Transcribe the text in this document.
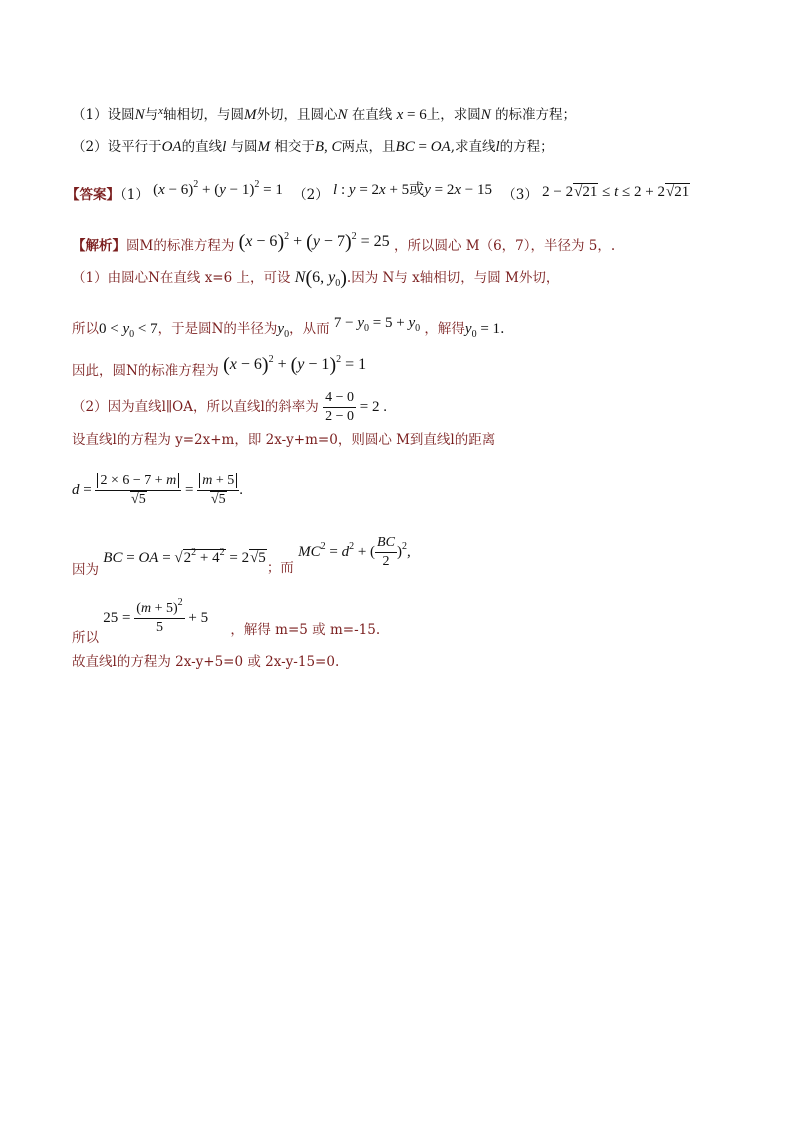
（1）设圆N与$^x$轴相切，与圆M外切，且圆心N 在直线 x = 6上，求圆N 的标准方程；
（2）设平行于OA的直线l 与圆M 相交于B, C两点，且BC = OA,求直线l的方程；
【答案】（1） $(x - 6)^2 + (y - 1)^2 = 1$ （2） l : y = 2x + 5或y = 2x − 15 （3） 2 − 2√21 ≤ t ≤ 2 + 2√21
【解析】圆M的标准方程为 $(x - 6)^2 + (y - 7)^2 = 25$ ，所以圆心 M（6，7），半径为 5，.
（1）由圆心N在直线 x=6 上，可设 N(6, $y_0$).因为 N与 x轴相切，与圆 M外切，
所以$0 < y_0 < 7$，于是圆N的半径为$y_0$，从而 $7 - y_0 = 5 + y_0$ ，解得$y_0 = 1$.
因此，圆N的标准方程为 $(x - 6)^2 + (y - 1)^2 = 1$
（2）因为直线l∥OA，所以直线l的斜率为 $\frac{4 - 0}{2 - 0} = 2$ .
设直线l的方程为 y=2x+m，即 2x-y+m=0，则圆心 M到直线l的距离
$d = \frac{2 \times 6 - 7 + m}{√5} = \frac{m + 5}{√5}$ .
因为 BC = OA = $√2^2 + 4^2 = 2√5$；而 $MC^2 = d^2$ + ( $\frac{BC}{2} )^2$,
所以 $25 = \frac{(m + 5)^2}{5} + 5$ ，解得 m=5 或 m=-15.
故直线l的方程为 2x-y+5=0 或 2x-y-15=0.
